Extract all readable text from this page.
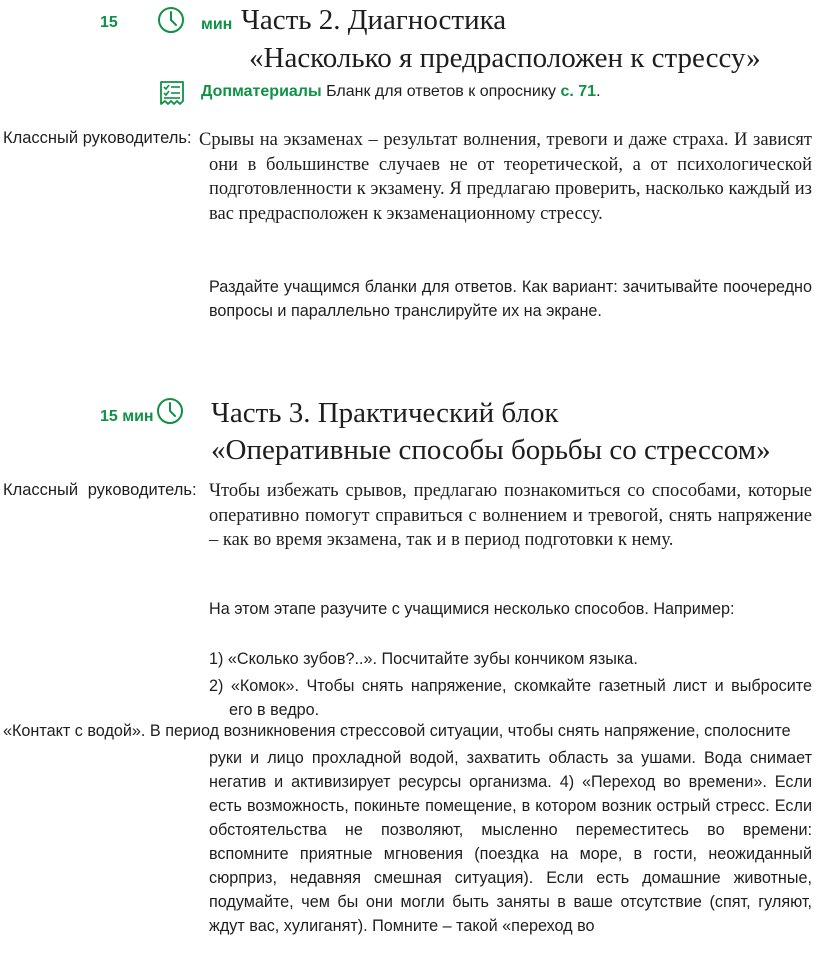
15	мин Часть 2. Диагностика
«Насколько я предрасположен к стрессу»
Допматериалы Бланк для ответов к опроснику с. 71.
Классный руководитель: Срывы на экзаменах – результат волнения, тревоги и даже страха. И зависят они в большинстве случаев не от теоретической, а от психологической подготовленности к экзамену. Я предлагаю проверить, насколько каждый из вас предрасположен к экзаменационному стрессу.
Раздайте учащимся бланки для ответов. Как вариант: зачитывайте поочередно вопросы и параллельно транслируйте их на экране.
15 мин Часть 3. Практический блок
«Оперативные способы борьбы со стрессом»
Классный руководитель: Чтобы избежать срывов, предлагаю познакомиться со способами, которые оперативно помогут справиться с волнением и тревогой, снять напряжение – как во время экзамена, так и в период подготовки к нему.
На этом этапе разучите с учащимися несколько способов. Например:
1) «Сколько зубов?..». Посчитайте зубы кончиком языка.
2) «Комок». Чтобы снять напряжение, скомкайте газетный лист и выбросите его в ведро.
«Контакт с водой». В период возникновения стрессовой ситуации, чтобы снять напряжение, сполосните
руки и лицо прохладной водой, захватить область за ушами. Вода снимает негатив и активизирует ресурсы организма. 4) «Переход во времени». Если есть возможность, покиньте помещение, в котором возник острый стресс. Если обстоятельства не позволяют, мысленно переместитесь во времени: вспомните приятные мгновения (поездка на море, в гости, неожиданный сюрприз, недавняя смешная ситуация). Если есть домашние животные, подумайте, чем бы они могли быть заняты в ваше отсутствие (спят, гуляют, ждут вас, хулиганят). Помните – такой «переход во
